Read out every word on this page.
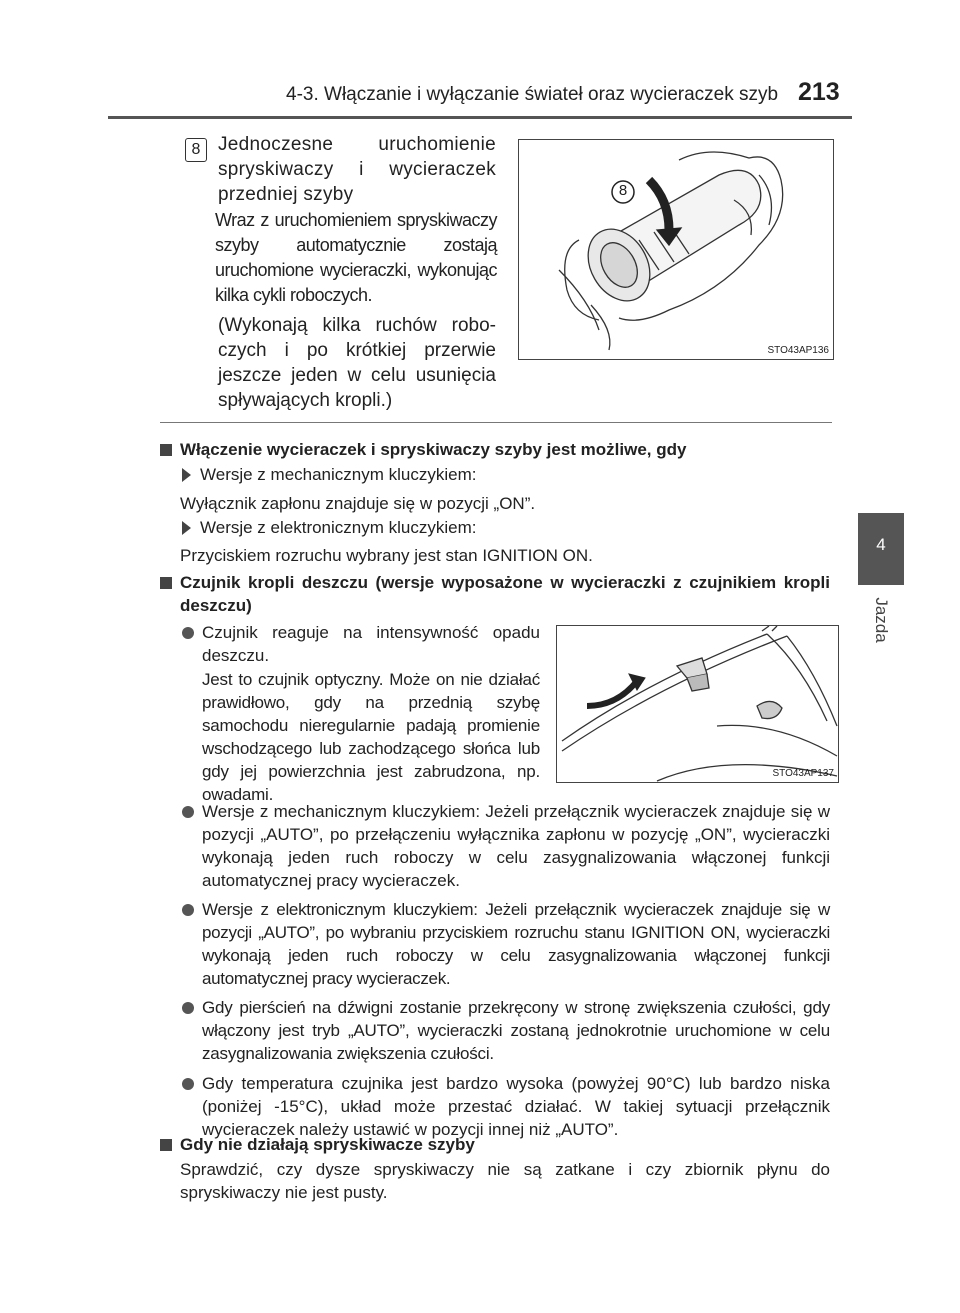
4-3. Włączanie i wyłączanie świateł oraz wycieraczek szyb 213
4
Jazda
8 Jednoczesne uruchomienie spryskiwaczy i wycieraczek przedniej szyby
Wraz z uruchomieniem spryskiwaczy szyby automatycznie zostają uruchomione wycieraczki, wykonując kilka cykli roboczych.
(Wykonają kilka ruchów roboczych i po krótkiej przerwie jeszcze jeden w celu usunięcia spływających kropli.)
8
STO43AP136
Włączenie wycieraczek i spryskiwaczy szyby jest możliwe, gdy
Wersje z mechanicznym kluczykiem:
Wyłącznik zapłonu znajduje się w pozycji „ON”.
Wersje z elektronicznym kluczykiem:
Przyciskiem rozruchu wybrany jest stan IGNITION ON.
Czujnik kropli deszczu (wersje wyposażone w wycieraczki z czujnikiem kropli deszczu)
Czujnik reaguje na intensywność opadu deszczu.
Jest to czujnik optyczny. Może on nie działać prawidłowo, gdy na przednią szybę samochodu nieregularnie padają promienie wschodzącego lub zachodzącego słońca lub gdy jej powierzchnia jest zabrudzona, np. owadami.
STO43AP137
Wersje z mechanicznym kluczykiem: Jeżeli przełącznik wycieraczek znajduje się w pozycji „AUTO”, po przełączeniu wyłącznika zapłonu w pozycję „ON”, wycieraczki wykonają jeden ruch roboczy w celu zasygnalizowania włączonej funkcji automatycznej pracy wycieraczek.
Wersje z elektronicznym kluczykiem: Jeżeli przełącznik wycieraczek znajduje się w pozycji „AUTO”, po wybraniu przyciskiem rozruchu stanu IGNITION ON, wycieraczki wykonają jeden ruch roboczy w celu zasygnalizowania włączonej funkcji automatycznej pracy wycieraczek.
Gdy pierścień na dźwigni zostanie przekręcony w stronę zwiększenia czułości, gdy włączony jest tryb „AUTO”, wycieraczki zostaną jednokrotnie uruchomione w celu zasygnalizowania zwiększenia czułości.
Gdy temperatura czujnika jest bardzo wysoka (powyżej 90°C) lub bardzo niska (poniżej -15°C), układ może przestać działać. W takiej sytuacji przełącznik wycieraczek należy ustawić w pozycji innej niż „AUTO”.
Gdy nie działają spryskiwacze szyby
Sprawdzić, czy dysze spryskiwaczy nie są zatkane i czy zbiornik płynu do spryskiwaczy nie jest pusty.
